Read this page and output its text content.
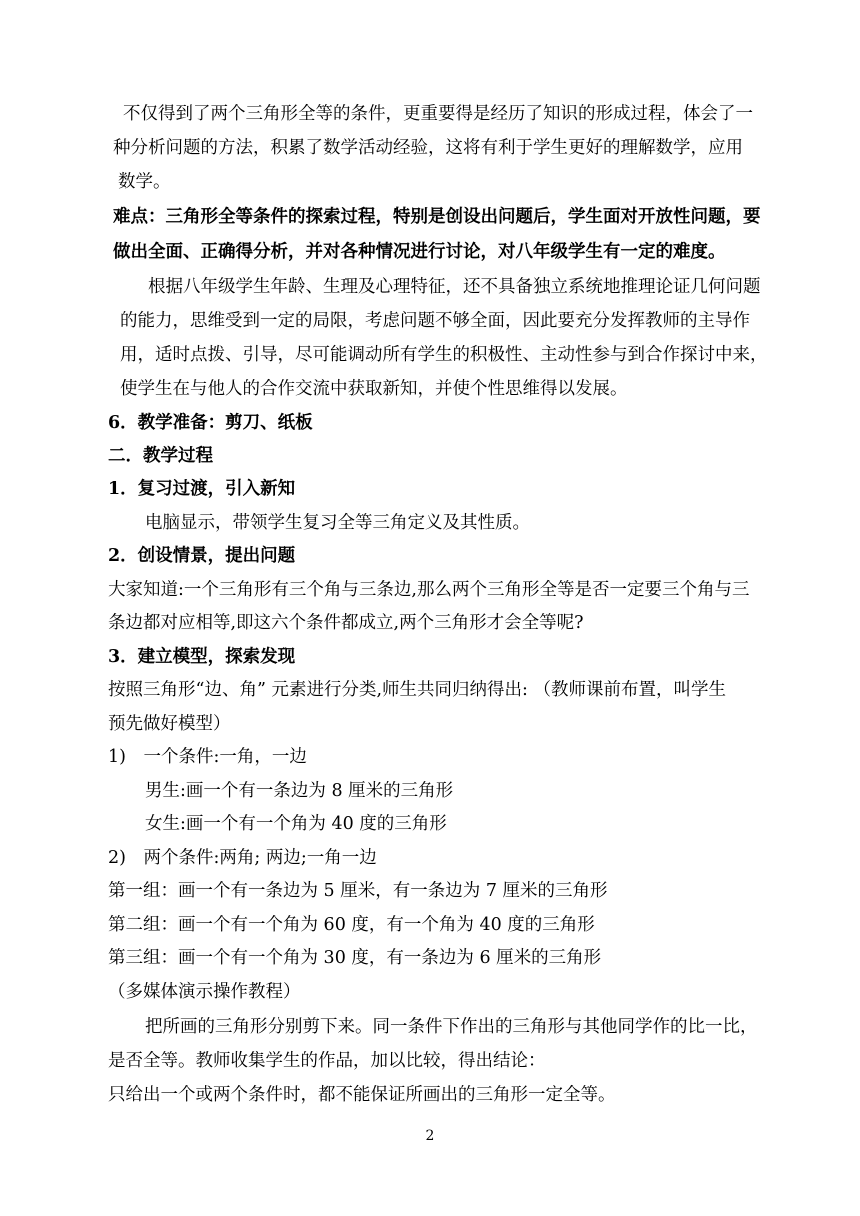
不仅得到了两个三角形全等的条件，更重要得是经历了知识的形成过程，体会了一
种分析问题的方法，积累了数学活动经验，这将有利于学生更好的理解数学，应用
数学。
难点：三角形全等条件的探索过程，特别是创设出问题后，学生面对开放性问题，要
做出全面、正确得分析，并对各种情况进行讨论，对八年级学生有一定的难度。
根据八年级学生年龄、生理及心理特征，还不具备独立系统地推理论证几何问题
的能力，思维受到一定的局限，考虑问题不够全面，因此要充分发挥教师的主导作
用，适时点拨、引导，尽可能调动所有学生的积极性、主动性参与到合作探讨中来，
使学生在与他人的合作交流中获取新知，并使个性思维得以发展。
6．教学准备：剪刀、纸板
二．教学过程
1．复习过渡，引入新知
电脑显示，带领学生复习全等三角定义及其性质。
2．创设情景，提出问题
大家知道:一个三角形有三个角与三条边,那么两个三角形全等是否一定要三个角与三
条边都对应相等,即这六个条件都成立,两个三角形才会全等呢?
3．建立模型，探索发现
按照三角形“边、角” 元素进行分类,师生共同归纳得出: （教师课前布置，叫学生
预先做好模型）
1)　一个条件:一角，一边
男生:画一个有一条边为 8 厘米的三角形
女生:画一个有一个角为 40 度的三角形
2)　两个条件:两角; 两边;一角一边
第一组：画一个有一条边为 5 厘米，有一条边为 7 厘米的三角形
第二组：画一个有一个角为 60 度，有一个角为 40 度的三角形
第三组：画一个有一个角为 30 度，有一条边为 6 厘米的三角形
（多媒体演示操作教程）
把所画的三角形分别剪下来。同一条件下作出的三角形与其他同学作的比一比，
是否全等。教师收集学生的作品，加以比较，得出结论：
只给出一个或两个条件时，都不能保证所画出的三角形一定全等。
2
